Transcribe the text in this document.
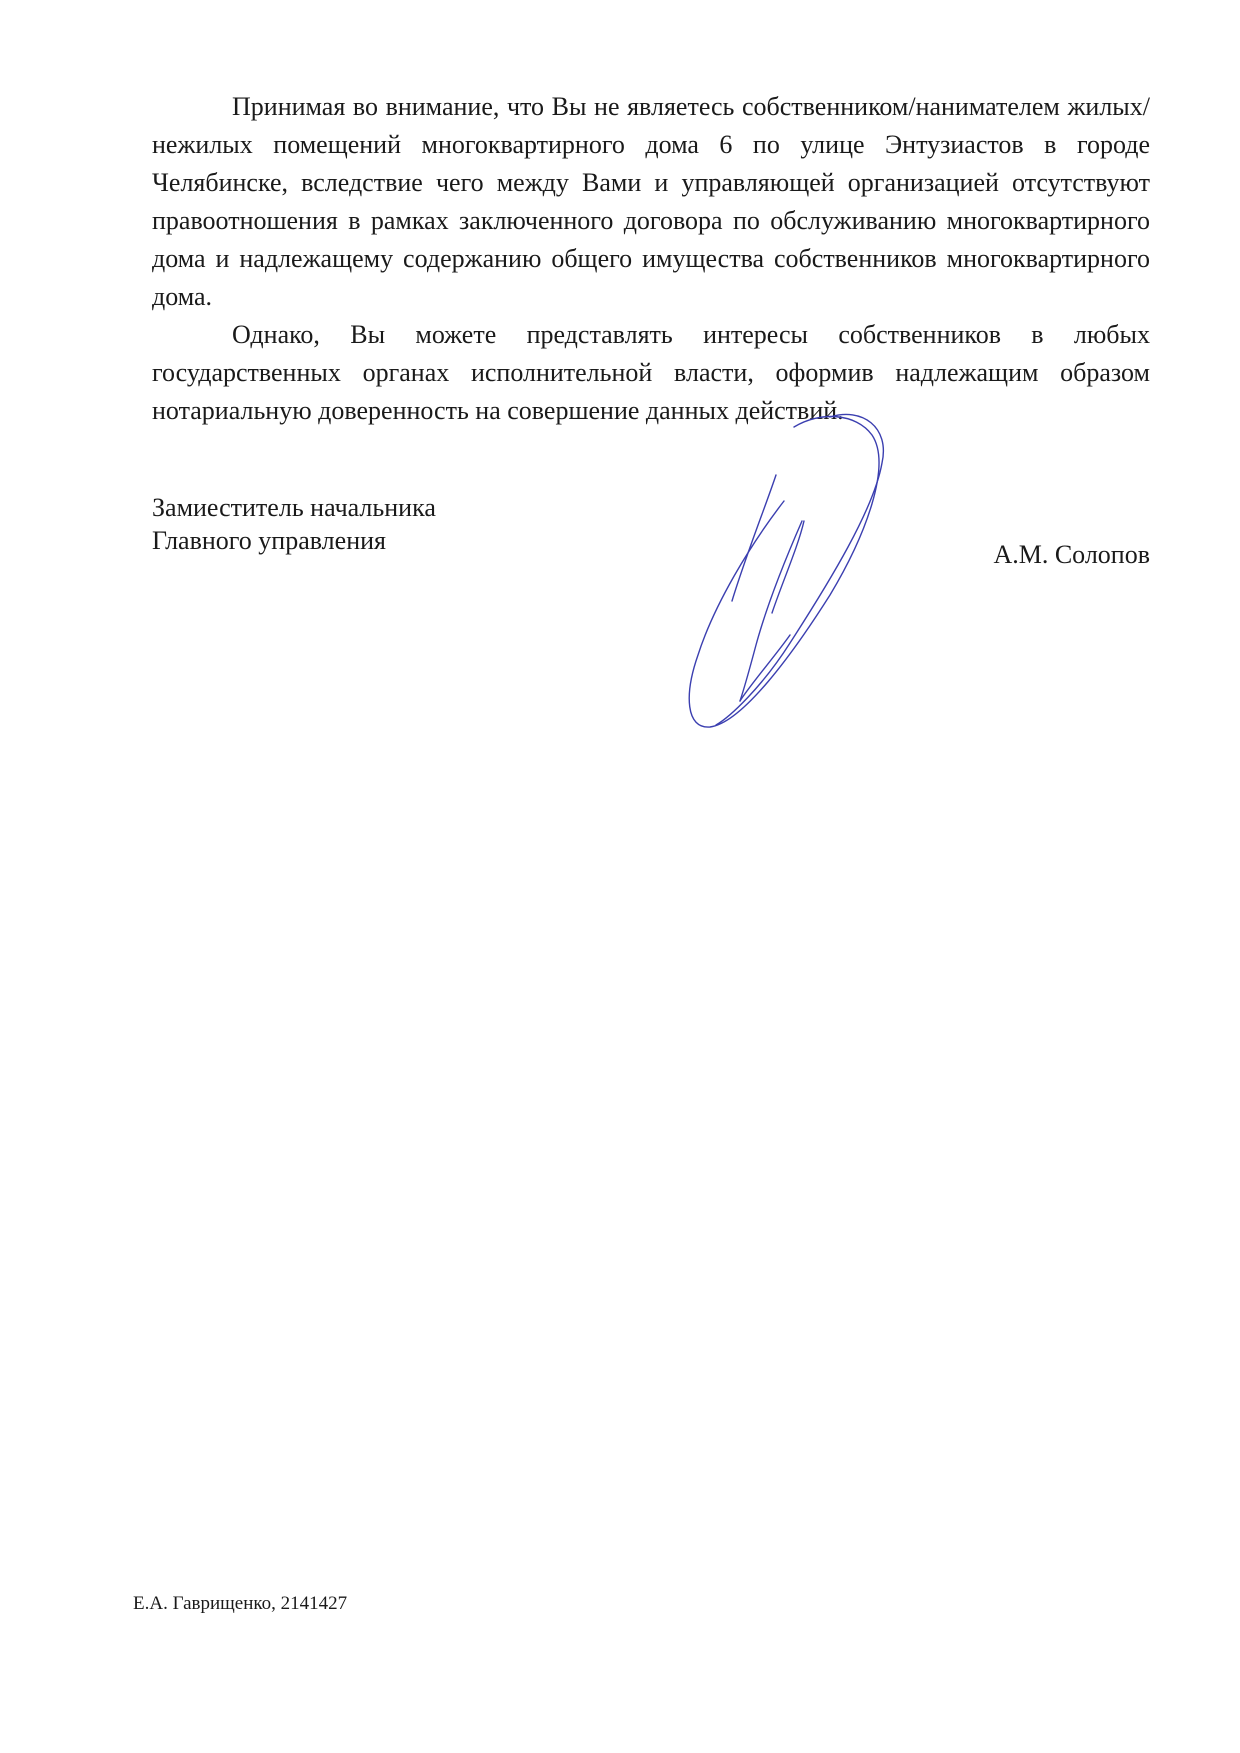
Принимая во внимание, что Вы не являетесь собственником/нанимателем жилых/нежилых помещений многоквартирного дома 6 по улице Энтузиастов в городе Челябинске, вследствие чего между Вами и управляющей организацией отсутствуют правоотношения в рамках заключенного договора по обслуживанию многоквартирного дома и надлежащему содержанию общего имущества собственников многоквартирного дома.

Однако, Вы можете представлять интересы собственников в любых государственных органах исполнительной власти, оформив надлежащим образом нотариальную доверенность на совершение данных действий.

Замиеститель начальника
Главного управления	А.М. Солопов
Е.А. Гаврищенко, 2141427
